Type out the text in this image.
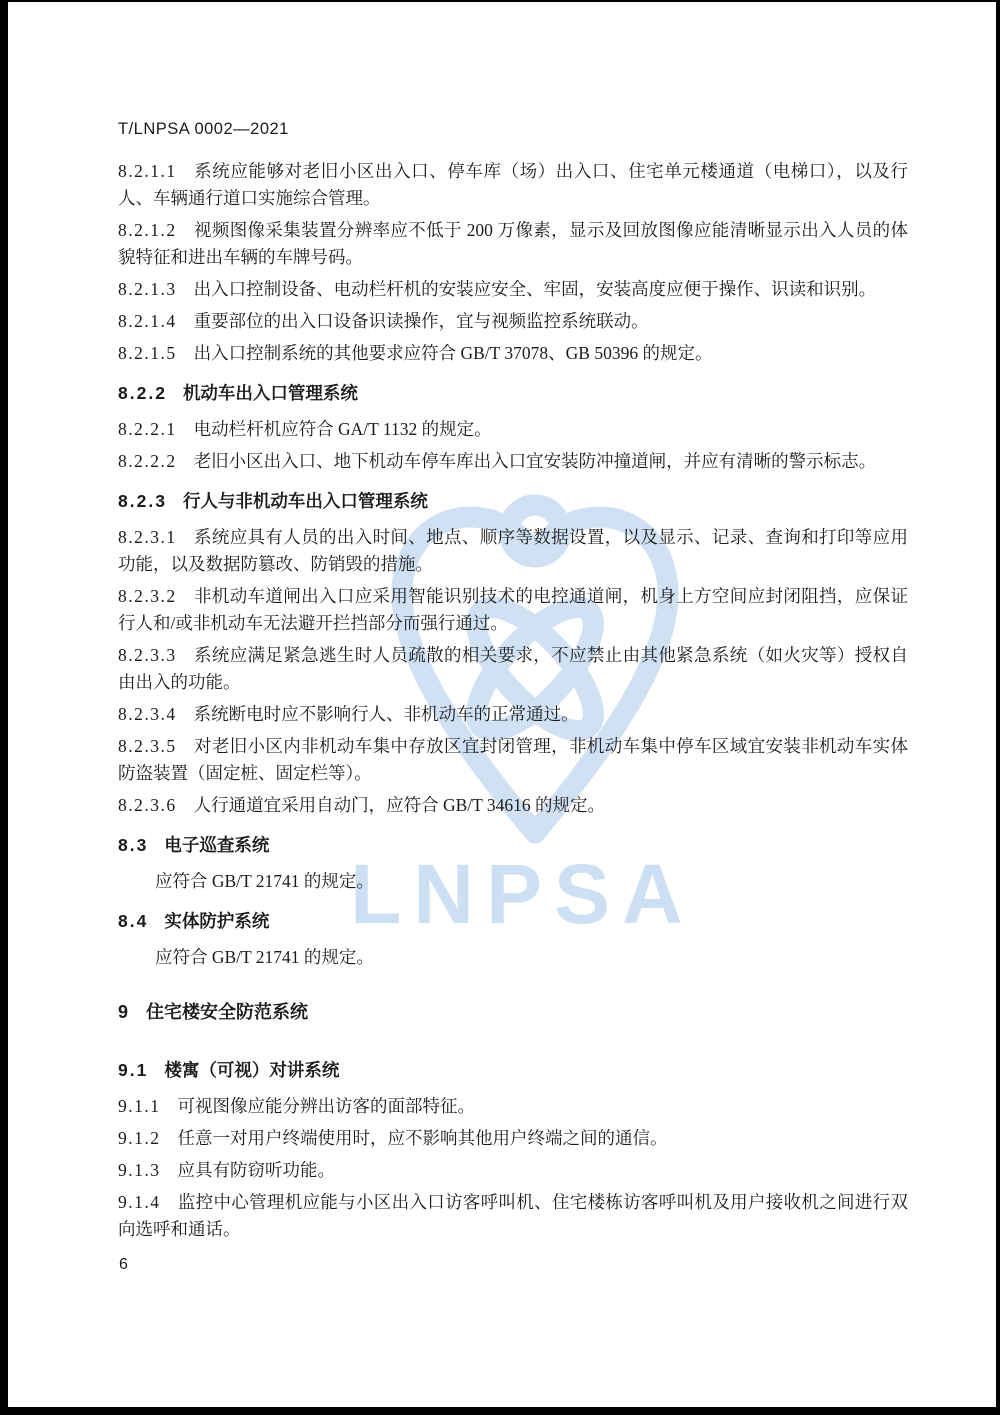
LNPSA
T/LNPSA 0002—2021

8.2.1.1 系统应能够对老旧小区出入口、停车库（场）出入口、住宅单元楼通道（电梯口），以及行人、车辆通行道口实施综合管理。

8.2.1.2 视频图像采集装置分辨率应不低于 200 万像素，显示及回放图像应能清晰显示出入人员的体貌特征和进出车辆的车牌号码。

8.2.1.3 出入口控制设备、电动栏杆机的安装应安全、牢固，安装高度应便于操作、识读和识别。

8.2.1.4 重要部位的出入口设备识读操作，宜与视频监控系统联动。

8.2.1.5 出入口控制系统的其他要求应符合 GB/T 37078、GB 50396 的规定。

8.2.2 机动车出入口管理系统

8.2.2.1 电动栏杆机应符合 GA/T 1132 的规定。

8.2.2.2 老旧小区出入口、地下机动车停车库出入口宜安装防冲撞道闸，并应有清晰的警示标志。

8.2.3 行人与非机动车出入口管理系统

8.2.3.1 系统应具有人员的出入时间、地点、顺序等数据设置，以及显示、记录、查询和打印等应用功能，以及数据防篡改、防销毁的措施。

8.2.3.2 非机动车道闸出入口应采用智能识别技术的电控通道闸，机身上方空间应封闭阻挡，应保证行人和/或非机动车无法避开拦挡部分而强行通过。

8.2.3.3 系统应满足紧急逃生时人员疏散的相关要求，不应禁止由其他紧急系统（如火灾等）授权自由出入的功能。

8.2.3.4 系统断电时应不影响行人、非机动车的正常通过。

8.2.3.5 对老旧小区内非机动车集中存放区宜封闭管理，非机动车集中停车区域宜安装非机动车实体防盗装置（固定桩、固定栏等）。

8.2.3.6 人行通道宜采用自动门，应符合 GB/T 34616 的规定。

8.3 电子巡查系统

应符合 GB/T 21741 的规定。

8.4 实体防护系统

应符合 GB/T 21741 的规定。

9 住宅楼安全防范系统

9.1 楼寓（可视）对讲系统

9.1.1 可视图像应能分辨出访客的面部特征。

9.1.2 任意一对用户终端使用时，应不影响其他用户终端之间的通信。

9.1.3 应具有防窃听功能。

9.1.4 监控中心管理机应能与小区出入口访客呼叫机、住宅楼栋访客呼叫机及用户接收机之间进行双向选呼和通话。

6
